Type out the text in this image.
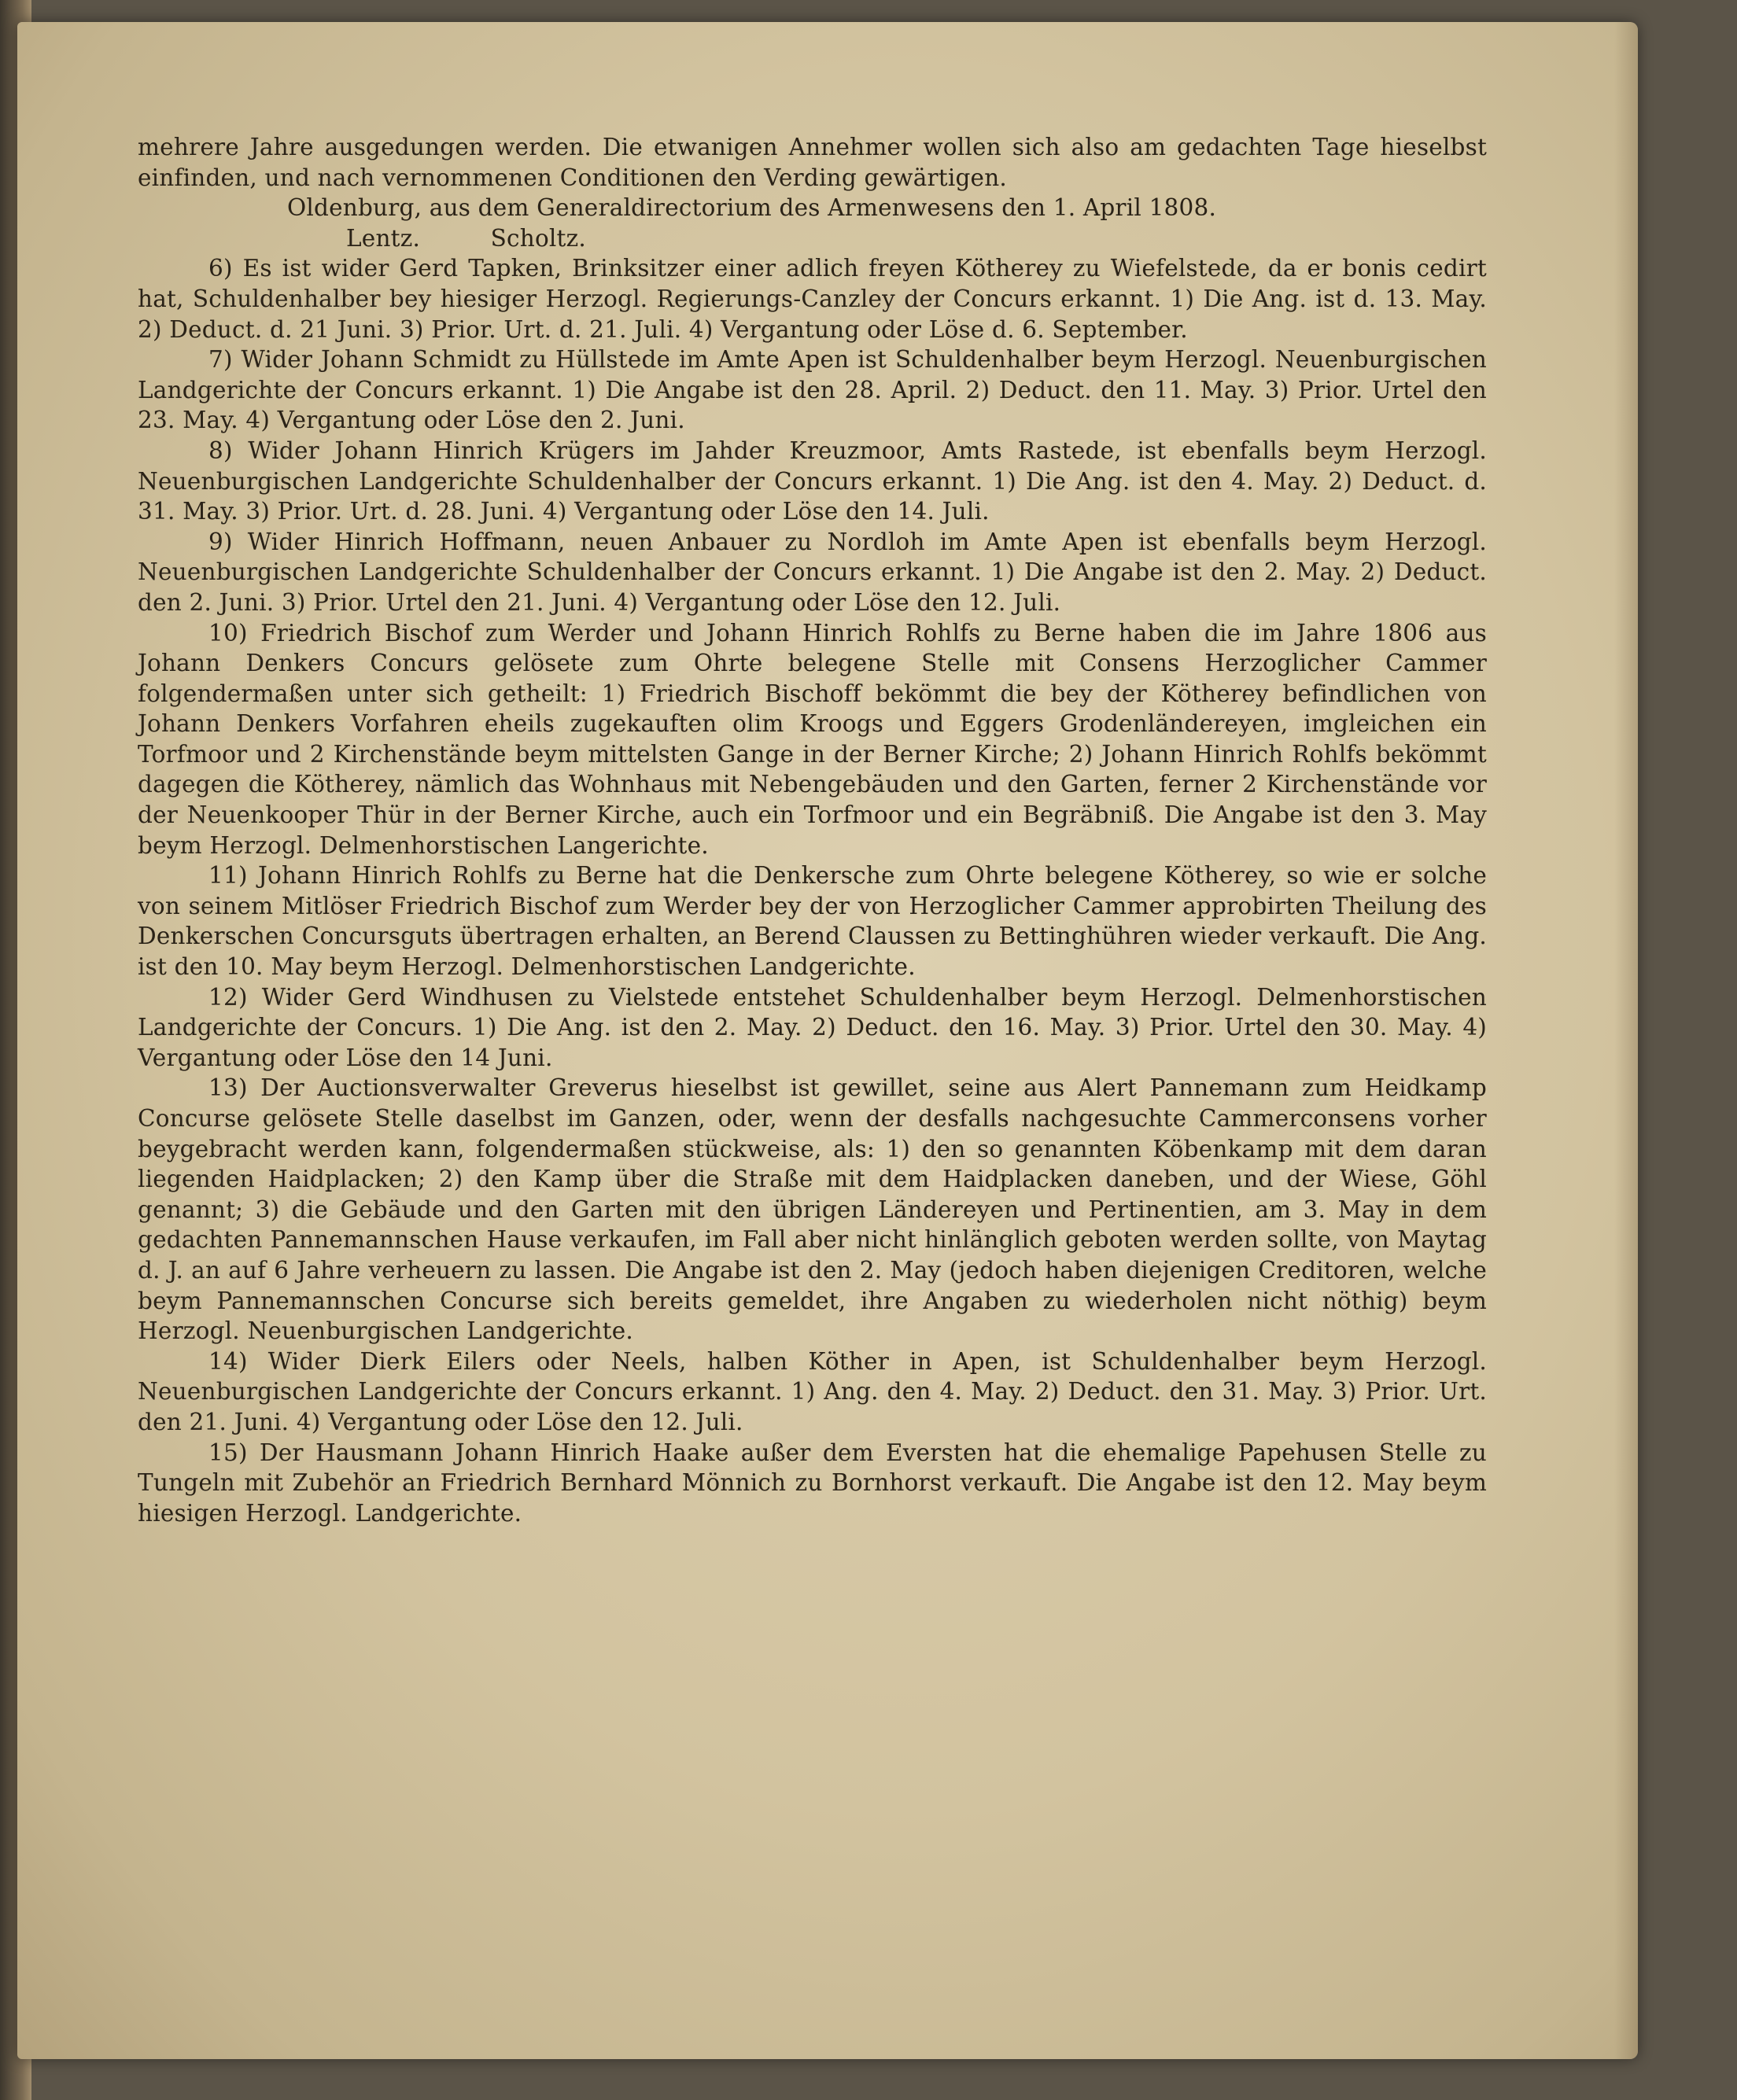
mehrere Jahre ausgedungen werden. Die etwanigen Annehmer wollen sich also am gedachten Tage hieselbst einfinden, und nach vernommenen Conditionen den Verding gewärtigen.

Oldenburg, aus dem Generaldirectorium des Armenwesens den 1. April 1808.

Lentz.	Scholtz.

6) Es ist wider Gerd Tapken, Brinksitzer einer adlich freyen Kötherey zu Wiefelstede, da er bonis cedirt hat, Schuldenhalber bey hiesiger Herzogl. Regierungs-Canzley der Concurs erkannt. 1) Die Ang. ist d. 13. May. 2) Deduct. d. 21 Juni. 3) Prior. Urt. d. 21. Juli. 4) Vergantung oder Löse d. 6. September.

7) Wider Johann Schmidt zu Hüllstede im Amte Apen ist Schuldenhalber beym Herzogl. Neuenburgischen Landgerichte der Concurs erkannt. 1) Die Angabe ist den 28. April. 2) Deduct. den 11. May. 3) Prior. Urtel den 23. May. 4) Vergantung oder Löse den 2. Juni.

8) Wider Johann Hinrich Krügers im Jahder Kreuzmoor, Amts Rastede, ist ebenfalls beym Herzogl. Neuenburgischen Landgerichte Schuldenhalber der Concurs erkannt. 1) Die Ang. ist den 4. May. 2) Deduct. d. 31. May. 3) Prior. Urt. d. 28. Juni. 4) Vergantung oder Löse den 14. Juli.

9) Wider Hinrich Hoffmann, neuen Anbauer zu Nordloh im Amte Apen ist ebenfalls beym Herzogl. Neuenburgischen Landgerichte Schuldenhalber der Concurs erkannt. 1) Die Angabe ist den 2. May. 2) Deduct. den 2. Juni. 3) Prior. Urtel den 21. Juni. 4) Vergantung oder Löse den 12. Juli.

10) Friedrich Bischof zum Werder und Johann Hinrich Rohlfs zu Berne haben die im Jahre 1806 aus Johann Denkers Concurs gelösete zum Ohrte belegene Stelle mit Consens Herzoglicher Cammer folgendermaßen unter sich getheilt: 1) Friedrich Bischoff bekömmt die bey der Kötherey befindlichen von Johann Denkers Vorfahren eheils zugekauften olim Kroogs und Eggers Grodenländereyen, imgleichen ein Torfmoor und 2 Kirchenstände beym mittelsten Gange in der Berner Kirche; 2) Johann Hinrich Rohlfs bekömmt dagegen die Kötherey, nämlich das Wohnhaus mit Nebengebäuden und den Garten, ferner 2 Kirchenstände vor der Neuenkooper Thür in der Berner Kirche, auch ein Torfmoor und ein Begräbniß. Die Angabe ist den 3. May beym Herzogl. Delmenhorstischen Langerichte.

11) Johann Hinrich Rohlfs zu Berne hat die Denkersche zum Ohrte belegene Kötherey, so wie er solche von seinem Mitlöser Friedrich Bischof zum Werder bey der von Herzoglicher Cammer approbirten Theilung des Denkerschen Concursguts übertragen erhalten, an Berend Claussen zu Bettinghühren wieder verkauft. Die Ang. ist den 10. May beym Herzogl. Delmenhorstischen Landgerichte.

12) Wider Gerd Windhusen zu Vielstede entstehet Schuldenhalber beym Herzogl. Delmenhorstischen Landgerichte der Concurs. 1) Die Ang. ist den 2. May. 2) Deduct. den 16. May. 3) Prior. Urtel den 30. May. 4) Vergantung oder Löse den 14 Juni.

13) Der Auctionsverwalter Greverus hieselbst ist gewillet, seine aus Alert Pannemann zum Heidkamp Concurse gelösete Stelle daselbst im Ganzen, oder, wenn der desfalls nachgesuchte Cammerconsens vorher beygebracht werden kann, folgendermaßen stückweise, als: 1) den so genannten Köbenkamp mit dem daran liegenden Haidplacken; 2) den Kamp über die Straße mit dem Haidplacken daneben, und der Wiese, Göhl genannt; 3) die Gebäude und den Garten mit den übrigen Ländereyen und Pertinentien, am 3. May in dem gedachten Pannemannschen Hause verkaufen, im Fall aber nicht hinlänglich geboten werden sollte, von Maytag d. J. an auf 6 Jahre verheuern zu lassen. Die Angabe ist den 2. May (jedoch haben diejenigen Creditoren, welche beym Pannemannschen Concurse sich bereits gemeldet, ihre Angaben zu wiederholen nicht nöthig) beym Herzogl. Neuenburgischen Landgerichte.

14) Wider Dierk Eilers oder Neels, halben Köther in Apen, ist Schuldenhalber beym Herzogl. Neuenburgischen Landgerichte der Concurs erkannt. 1) Ang. den 4. May. 2) Deduct. den 31. May. 3) Prior. Urt. den 21. Juni. 4) Vergantung oder Löse den 12. Juli.

15) Der Hausmann Johann Hinrich Haake außer dem Eversten hat die ehemalige Papehusen Stelle zu Tungeln mit Zubehör an Friedrich Bernhard Mönnich zu Bornhorst verkauft. Die Angabe ist den 12. May beym hiesigen Herzogl. Landgerichte.
